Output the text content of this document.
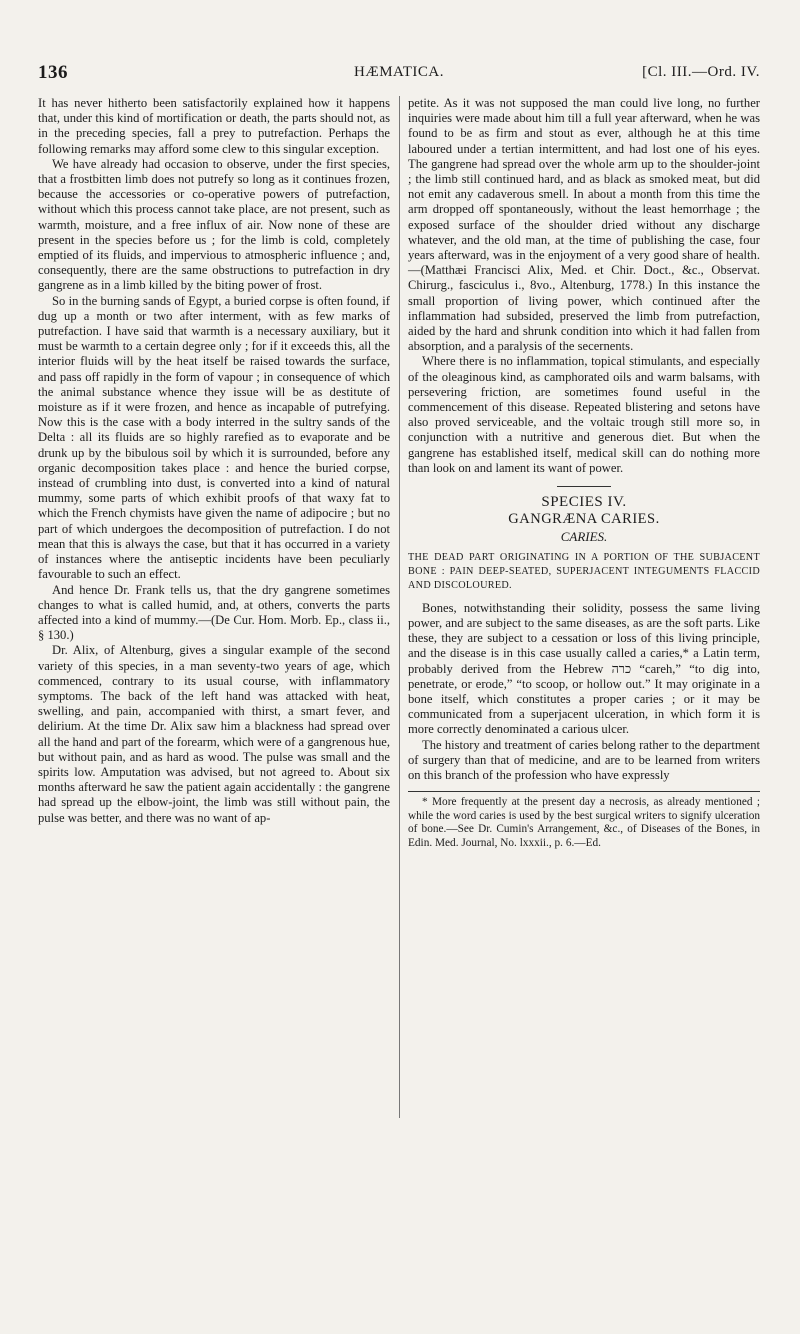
136	HÆMATICA.	[Cl. III.—Ord. IV.

It has never hitherto been satisfactorily explained how it happens that, under this kind of mortification or death, the parts should not, as in the preceding species, fall a prey to putrefaction. Perhaps the following remarks may afford some clew to this singular exception.

We have already had occasion to observe, under the first species, that a frostbitten limb does not putrefy so long as it continues frozen, because the accessories or co-operative powers of putrefaction, without which this process cannot take place, are not present, such as warmth, moisture, and a free influx of air. Now none of these are present in the species before us ; for the limb is cold, completely emptied of its fluids, and impervious to atmospheric influence ; and, consequently, there are the same obstructions to putrefaction in dry gangrene as in a limb killed by the biting power of frost.

So in the burning sands of Egypt, a buried corpse is often found, if dug up a month or two after interment, with as few marks of putrefaction. I have said that warmth is a necessary auxiliary, but it must be warmth to a certain degree only ; for if it exceeds this, all the interior fluids will by the heat itself be raised towards the surface, and pass off rapidly in the form of vapour ; in consequence of which the animal substance whence they issue will be as destitute of moisture as if it were frozen, and hence as incapable of putrefying. Now this is the case with a body interred in the sultry sands of the Delta : all its fluids are so highly rarefied as to evaporate and be drunk up by the bibulous soil by which it is surrounded, before any organic decomposition takes place : and hence the buried corpse, instead of crumbling into dust, is converted into a kind of natural mummy, some parts of which exhibit proofs of that waxy fat to which the French chymists have given the name of adipocire ; but no part of which undergoes the decomposition of putrefaction. I do not mean that this is always the case, but that it has occurred in a variety of instances where the antiseptic incidents have been peculiarly favourable to such an effect.

And hence Dr. Frank tells us, that the dry gangrene sometimes changes to what is called humid, and, at others, converts the parts affected into a kind of mummy.—(De Cur. Hom. Morb. Ep., class ii., § 130.)

Dr. Alix, of Altenburg, gives a singular example of the second variety of this species, in a man seventy-two years of age, which commenced, contrary to its usual course, with inflammatory symptoms. The back of the left hand was attacked with heat, swelling, and pain, accompanied with thirst, a smart fever, and delirium. At the time Dr. Alix saw him a blackness had spread over all the hand and part of the forearm, which were of a gangrenous hue, but without pain, and as hard as wood. The pulse was small and the spirits low. Amputation was advised, but not agreed to. About six months afterward he saw the patient again accidentally : the gangrene had spread up the elbow-joint, the limb was still without pain, the pulse was better, and there was no want of ap-

petite. As it was not supposed the man could live long, no further inquiries were made about him till a full year afterward, when he was found to be as firm and stout as ever, although he at this time laboured under a tertian intermittent, and had lost one of his eyes. The gangrene had spread over the whole arm up to the shoulder-joint ; the limb still continued hard, and as black as smoked meat, but did not emit any cadaverous smell. In about a month from this time the arm dropped off spontaneously, without the least hemorrhage ; the exposed surface of the shoulder dried without any discharge whatever, and the old man, at the time of publishing the case, four years afterward, was in the enjoyment of a very good share of health.—(Matthæi Francisci Alix, Med. et Chir. Doct., &c., Observat. Chirurg., fasciculus i., 8vo., Altenburg, 1778.) In this instance the small proportion of living power, which continued after the inflammation had subsided, preserved the limb from putrefaction, aided by the hard and shrunk condition into which it had fallen from absorption, and a paralysis of the secernents.

Where there is no inflammation, topical stimulants, and especially of the oleaginous kind, as camphorated oils and warm balsams, with persevering friction, are sometimes found useful in the commencement of this disease. Repeated blistering and setons have also proved serviceable, and the voltaic trough still more so, in conjunction with a nutritive and generous diet. But when the gangrene has established itself, medical skill can do nothing more than look on and lament its want of power.

SPECIES IV.
GANGRÆNA CARIES.
CARIES.
THE DEAD PART ORIGINATING IN A PORTION OF THE SUBJACENT BONE : PAIN DEEP-SEATED, SUPERJACENT INTEGUMENTS FLACCID AND DISCOLOURED.

Bones, notwithstanding their solidity, possess the same living power, and are subject to the same diseases, as are the soft parts. Like these, they are subject to a cessation or loss of this living principle, and the disease is in this case usually called a caries,* a Latin term, probably derived from the Hebrew כרה “careh,” “to dig into, penetrate, or erode,” “to scoop, or hollow out.” It may originate in a bone itself, which constitutes a proper caries ; or it may be communicated from a superjacent ulceration, in which form it is more correctly denominated a carious ulcer.

The history and treatment of caries belong rather to the department of surgery than that of medicine, and are to be learned from writers on this branch of the profession who have expressly

* More frequently at the present day a necrosis, as already mentioned ; while the word caries is used by the best surgical writers to signify ulceration of bone.—See Dr. Cumin's Arrangement, &c., of Diseases of the Bones, in Edin. Med. Journal, No. lxxxii., p. 6.—Ed.
